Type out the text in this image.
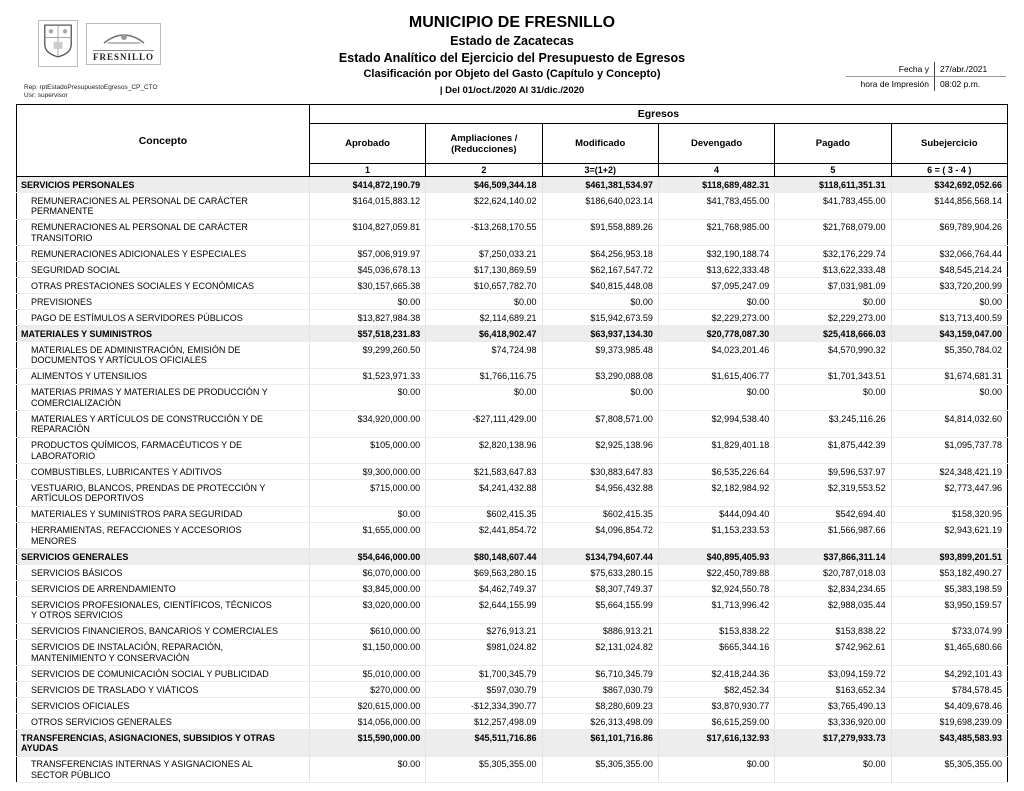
FRESNILLO
MUNICIPIO DE FRESNILLO
Estado de Zacatecas
Estado Analítico del Ejercicio del Presupuesto de Egresos
Clasificación por Objeto del Gasto (Capítulo y Concepto)
| Del 01/oct./2020 Al 31/dic./2020
Fecha y	27/abr./2021
hora de Impresión	08:02 p.m.
Rep: rptEstadoPresupuestoEgresos_CP_CTO
Usr: supervisor
Concepto	Egresos					
	Aprobado	Ampliaciones / (Reducciones)	Modificado	Devengado	Pagado	Subejercicio
	1	2	3=(1+2)	4	5	6 = ( 3 - 4 )
SERVICIOS PERSONALES	$414,872,190.79	$46,509,344.18	$461,381,534.97	$118,689,482.31	$118,611,351.31	$342,692,052.66
REMUNERACIONES AL PERSONAL DE CARÁCTER PERMANENTE	$164,015,883.12	$22,624,140.02	$186,640,023.14	$41,783,455.00	$41,783,455.00	$144,856,568.14
REMUNERACIONES AL PERSONAL DE CARÁCTER TRANSITORIO	$104,827,059.81	-$13,268,170.55	$91,558,889.26	$21,768,985.00	$21,768,079.00	$69,789,904.26
REMUNERACIONES ADICIONALES Y ESPECIALES	$57,006,919.97	$7,250,033.21	$64,256,953.18	$32,190,188.74	$32,176,229.74	$32,066,764.44
SEGURIDAD SOCIAL	$45,036,678.13	$17,130,869.59	$62,167,547.72	$13,622,333.48	$13,622,333.48	$48,545,214.24
OTRAS PRESTACIONES SOCIALES Y ECONÓMICAS	$30,157,665.38	$10,657,782.70	$40,815,448.08	$7,095,247.09	$7,031,981.09	$33,720,200.99
PREVISIONES	$0.00	$0.00	$0.00	$0.00	$0.00	$0.00
PAGO DE ESTÍMULOS A SERVIDORES PÚBLICOS	$13,827,984.38	$2,114,689.21	$15,942,673.59	$2,229,273.00	$2,229,273.00	$13,713,400.59
MATERIALES Y SUMINISTROS	$57,518,231.83	$6,418,902.47	$63,937,134.30	$20,778,087.30	$25,418,666.03	$43,159,047.00
MATERIALES DE ADMINISTRACIÓN, EMISIÓN DE DOCUMENTOS Y ARTÍCULOS OFICIALES	$9,299,260.50	$74,724.98	$9,373,985.48	$4,023,201.46	$4,570,990.32	$5,350,784.02
ALIMENTOS Y UTENSILIOS	$1,523,971.33	$1,766,116.75	$3,290,088.08	$1,615,406.77	$1,701,343.51	$1,674,681.31
MATERIAS PRIMAS Y MATERIALES DE PRODUCCIÓN Y COMERCIALIZACIÓN	$0.00	$0.00	$0.00	$0.00	$0.00	$0.00
MATERIALES Y ARTÍCULOS DE CONSTRUCCIÓN Y DE REPARACIÓN	$34,920,000.00	-$27,111,429.00	$7,808,571.00	$2,994,538.40	$3,245,116.26	$4,814,032.60
PRODUCTOS QUÍMICOS, FARMACÉUTICOS Y DE LABORATORIO	$105,000.00	$2,820,138.96	$2,925,138.96	$1,829,401.18	$1,875,442.39	$1,095,737.78
COMBUSTIBLES, LUBRICANTES Y ADITIVOS	$9,300,000.00	$21,583,647.83	$30,883,647.83	$6,535,226.64	$9,596,537.97	$24,348,421.19
VESTUARIO, BLANCOS, PRENDAS DE PROTECCIÓN Y ARTÍCULOS DEPORTIVOS	$715,000.00	$4,241,432.88	$4,956,432.88	$2,182,984.92	$2,319,553.52	$2,773,447.96
MATERIALES Y SUMINISTROS PARA SEGURIDAD	$0.00	$602,415.35	$602,415.35	$444,094.40	$542,694.40	$158,320.95
HERRAMIENTAS, REFACCIONES Y ACCESORIOS MENORES	$1,655,000.00	$2,441,854.72	$4,096,854.72	$1,153,233.53	$1,566,987.66	$2,943,621.19
SERVICIOS GENERALES	$54,646,000.00	$80,148,607.44	$134,794,607.44	$40,895,405.93	$37,866,311.14	$93,899,201.51
SERVICIOS BÁSICOS	$6,070,000.00	$69,563,280.15	$75,633,280.15	$22,450,789.88	$20,787,018.03	$53,182,490.27
SERVICIOS DE ARRENDAMIENTO	$3,845,000.00	$4,462,749.37	$8,307,749.37	$2,924,550.78	$2,834,234.65	$5,383,198.59
SERVICIOS PROFESIONALES, CIENTÍFICOS, TÉCNICOS Y OTROS SERVICIOS	$3,020,000.00	$2,644,155.99	$5,664,155.99	$1,713,996.42	$2,988,035.44	$3,950,159.57
SERVICIOS FINANCIEROS, BANCARIOS Y COMERCIALES	$610,000.00	$276,913.21	$886,913.21	$153,838.22	$153,838.22	$733,074.99
SERVICIOS DE INSTALACIÓN, REPARACIÓN, MANTENIMIENTO Y CONSERVACIÓN	$1,150,000.00	$981,024.82	$2,131,024.82	$665,344.16	$742,962.61	$1,465,680.66
SERVICIOS DE COMUNICACIÓN SOCIAL Y PUBLICIDAD	$5,010,000.00	$1,700,345.79	$6,710,345.79	$2,418,244.36	$3,094,159.72	$4,292,101.43
SERVICIOS DE TRASLADO Y VIÁTICOS	$270,000.00	$597,030.79	$867,030.79	$82,452.34	$163,652.34	$784,578.45
SERVICIOS OFICIALES	$20,615,000.00	-$12,334,390.77	$8,280,609.23	$3,870,930.77	$3,765,490.13	$4,409,678.46
OTROS SERVICIOS GENERALES	$14,056,000.00	$12,257,498.09	$26,313,498.09	$6,615,259.00	$3,336,920.00	$19,698,239.09
TRANSFERENCIAS, ASIGNACIONES, SUBSIDIOS Y OTRAS AYUDAS	$15,590,000.00	$45,511,716.86	$61,101,716.86	$17,616,132.93	$17,279,933.73	$43,485,583.93
TRANSFERENCIAS INTERNAS Y ASIGNACIONES AL SECTOR PÚBLICO	$0.00	$5,305,355.00	$5,305,355.00	$0.00	$0.00	$5,305,355.00
